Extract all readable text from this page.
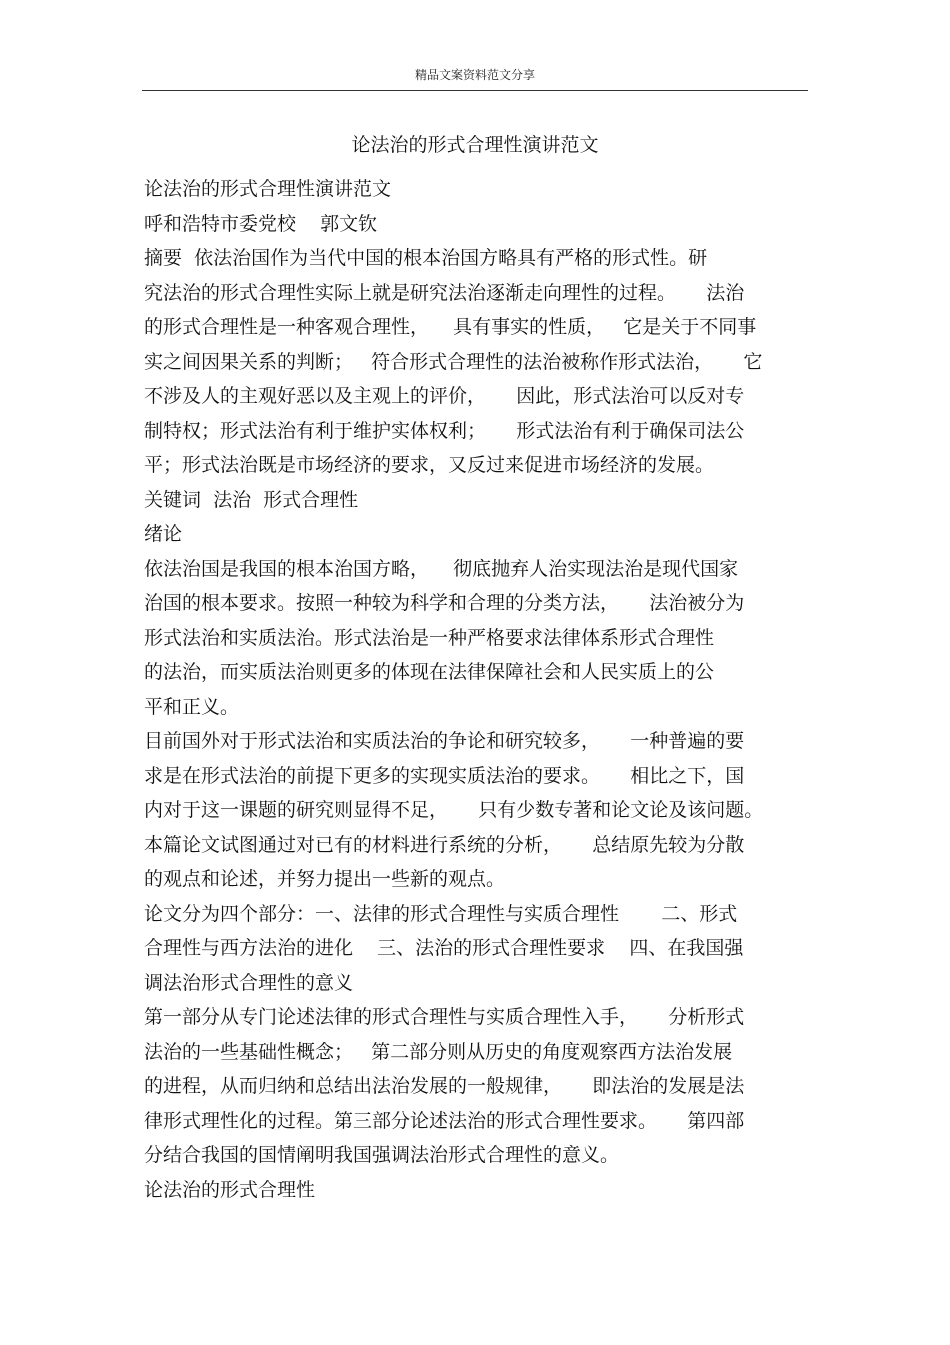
精品文案资料范文分享
论法治的形式合理性演讲范文
论法治的形式合理性演讲范文
呼和浩特市委党校    郭文钦
摘要  依法治国作为当代中国的根本治国方略具有严格的形式性。研
究法治的形式合理性实际上就是研究法治逐渐走向理性的过程。     法治
的形式合理性是一种客观合理性，    具有事实的性质，   它是关于不同事
实之间因果关系的判断；   符合形式合理性的法治被称作形式法治，     它
不涉及人的主观好恶以及主观上的评价，     因此，形式法治可以反对专
制特权；形式法治有利于维护实体权利；     形式法治有利于确保司法公
平；形式法治既是市场经济的要求，又反过来促进市场经济的发展。
关键词  法治  形式合理性
绪论
依法治国是我国的根本治国方略，    彻底抛弃人治实现法治是现代国家
治国的根本要求。按照一种较为科学和合理的分类方法，     法治被分为
形式法治和实质法治。形式法治是一种严格要求法律体系形式合理性
的法治，而实质法治则更多的体现在法律保障社会和人民实质上的公
平和正义。
目前国外对于形式法治和实质法治的争论和研究较多，     一种普遍的要
求是在形式法治的前提下更多的实现实质法治的要求。     相比之下，国
内对于这一课题的研究则显得不足，     只有少数专著和论文论及该问题。
本篇论文试图通过对已有的材料进行系统的分析，     总结原先较为分散
的观点和论述，并努力提出一些新的观点。
论文分为四个部分：一、法律的形式合理性与实质合理性       二、形式
合理性与西方法治的进化    三、法治的形式合理性要求    四、在我国强
调法治形式合理性的意义
第一部分从专门论述法律的形式合理性与实质合理性入手，     分析形式
法治的一些基础性概念；   第二部分则从历史的角度观察西方法治发展
的进程，从而归纳和总结出法治发展的一般规律，     即法治的发展是法
律形式理性化的过程。第三部分论述法治的形式合理性要求。     第四部
分结合我国的国情阐明我国强调法治形式合理性的意义。
论法治的形式合理性
